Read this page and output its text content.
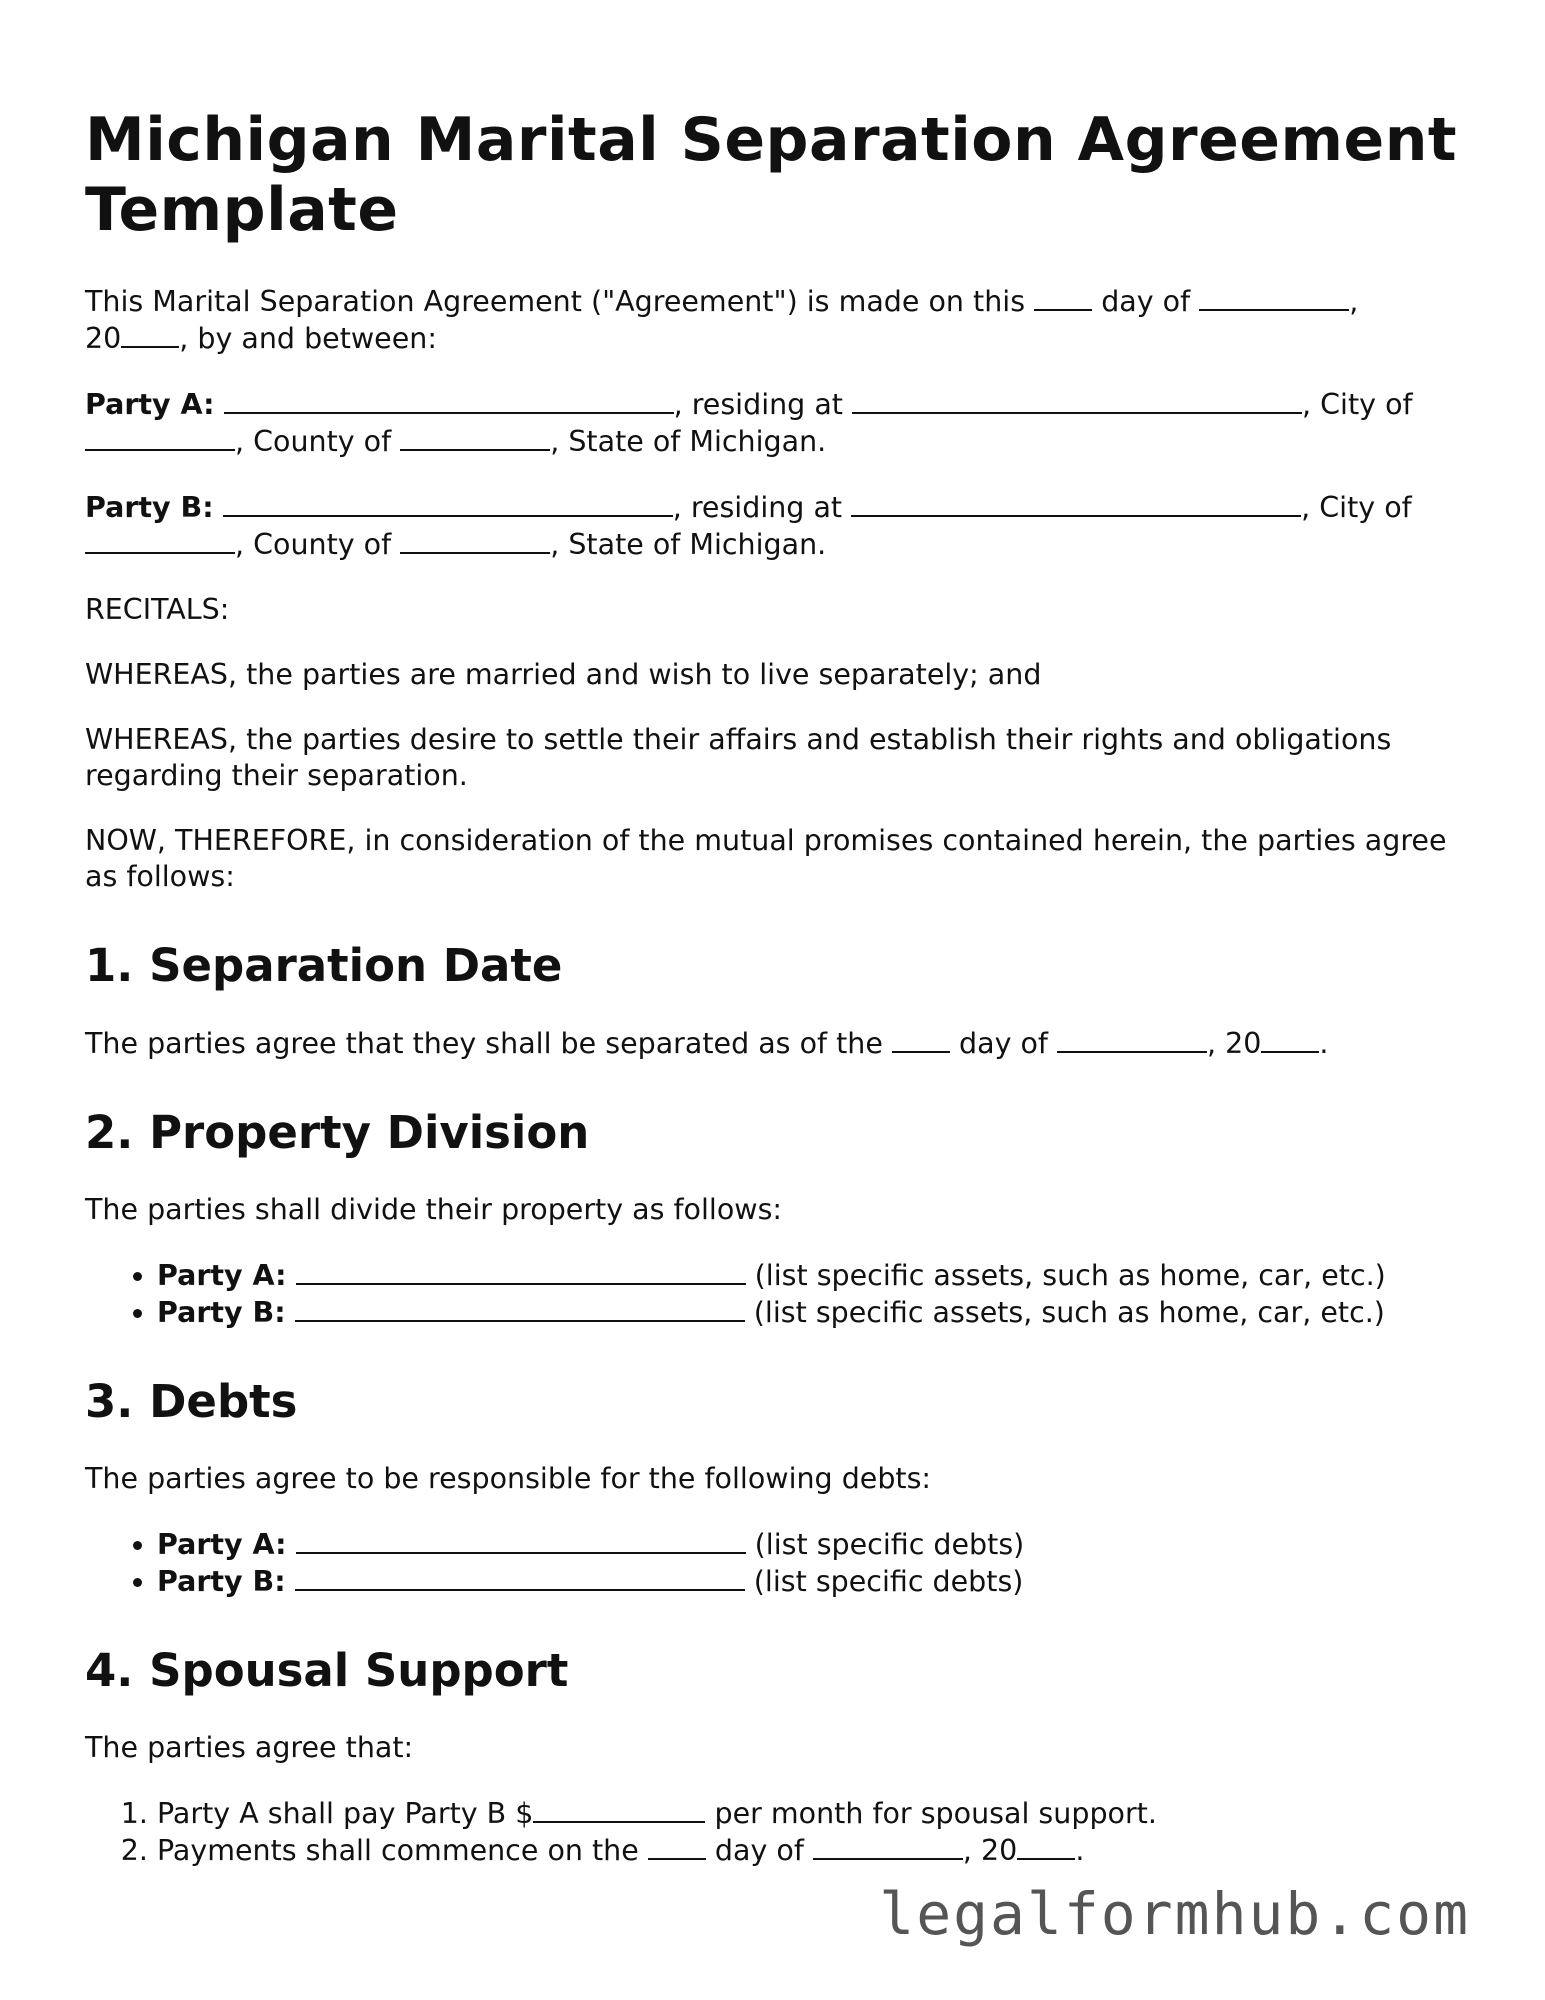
Michigan Marital Separation Agreement Template

This Marital Separation Agreement ("Agreement") is made on this	day of	,
20 , by and between:

Party A:	, residing at	, City of
, County of	, State of Michigan.

Party B:	, residing at	, City of
, County of	, State of Michigan.

RECITALS:

WHEREAS, the parties are married and wish to live separately; and

WHEREAS, the parties desire to settle their affairs and establish their rights and obligations regarding their separation.

NOW, THEREFORE, in consideration of the mutual promises contained herein, the parties agree as follows:

1. Separation Date

The parties agree that they shall be separated as of the	day of	, 20 .

2. Property Division

The parties shall divide their property as follows:

• Party A:	(list specific assets, such as home, car, etc.)
• Party B:	(list specific assets, such as home, car, etc.)
3. Debts

The parties agree to be responsible for the following debts:

• Party A:	(list specific debts)
• Party B:	(list specific debts)
4. Spousal Support

The parties agree that:

1. Party A shall pay Party B $	per month for spousal support.
2. Payments shall commence on the	day of	, 20 .
legalformhub.com
